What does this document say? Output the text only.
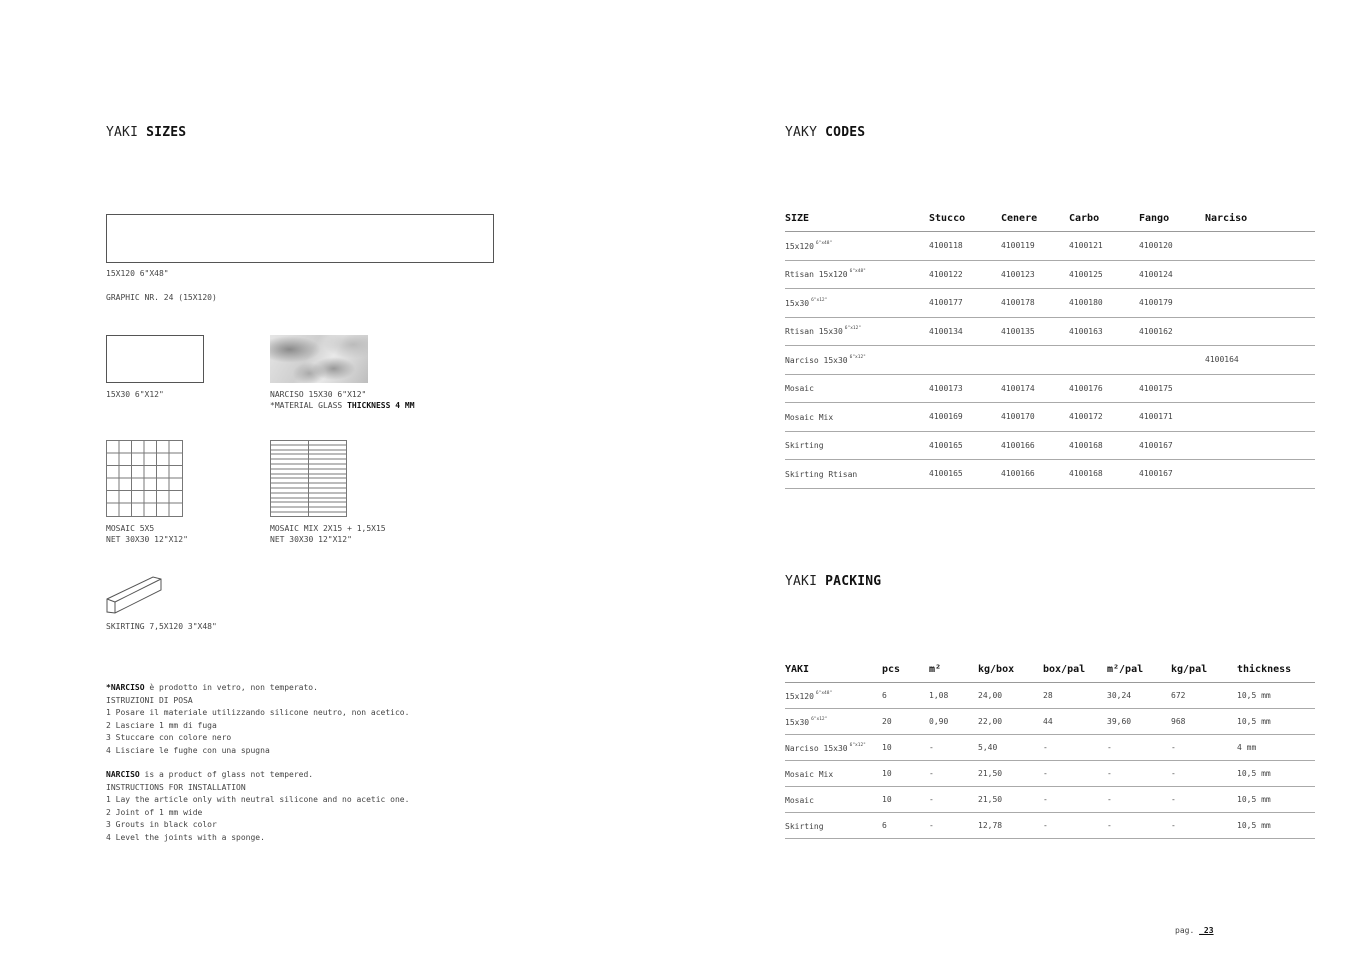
YAKI SIZES
15X120 6"X48"
GRAPHIC NR. 24 (15X120)
15X30 6"X12"	NARCISO 15X30 6"X12"
*MATERIAL GLASS THICKNESS 4 MM
MOSAIC 5X5
NET 30X30 12"X12"
MOSAIC MIX 2X15 + 1,5X15
NET 30X30 12"X12"
SKIRTING 7,5X120 3"X48"
*NARCISO è prodotto in vetro, non temperato.
ISTRUZIONI DI POSA
1 Posare il materiale utilizzando silicone neutro, non acetico.
2 Lasciare 1 mm di fuga
3 Stuccare con colore nero
4 Lisciare le fughe con una spugna
NARCISO is a product of glass not tempered.
INSTRUCTIONS FOR INSTALLATION
1 Lay the article only with neutral silicone and no acetic one.
2 Joint of 1 mm wide
3 Grouts in black color
4 Level the joints with a sponge.
YAKY CODES
SIZE	Stucco	Cenere	Carbo	Fango	Narciso
15x120 $^{6"x48"}$	4100118	4100119	4100121	4100120	
Rtisan 15x120 $^{6"x48"}$	4100122	4100123	4100125	4100124	
15x30 $^{6"x12"}$	4100177	4100178	4100180	4100179	
Rtisan 15x30 $^{6"x12"}$	4100134	4100135	4100163	4100162	
Narciso 15x30 $^{6"x12"}$					4100164
Mosaic	4100173	4100174	4100176	4100175	
Mosaic Mix	4100169	4100170	4100172	4100171	
Skirting	4100165	4100166	4100168	4100167	
Skirting Rtisan	4100165	4100166	4100168	4100167	
YAKI PACKING
YAKI	pcs	m²	kg/box	box/pal	m²/pal	kg/pal	thickness
15x120 $^{6"x48"}$	6	1,08	24,00	28	30,24	672	10,5 mm
15x30 $^{6"x12"}$	20	0,90	22,00	44	39,60	968	10,5 mm
Narciso 15x30 $^{6"x12"}$	10	-	5,40	-	-	-	4 mm
Mosaic Mix	10	-	21,50	-	-	-	10,5 mm
Mosaic	10	-	21,50	-	-	-	10,5 mm
Skirting	6	-	12,78	-	-	-	10,5 mm
pag. _23
